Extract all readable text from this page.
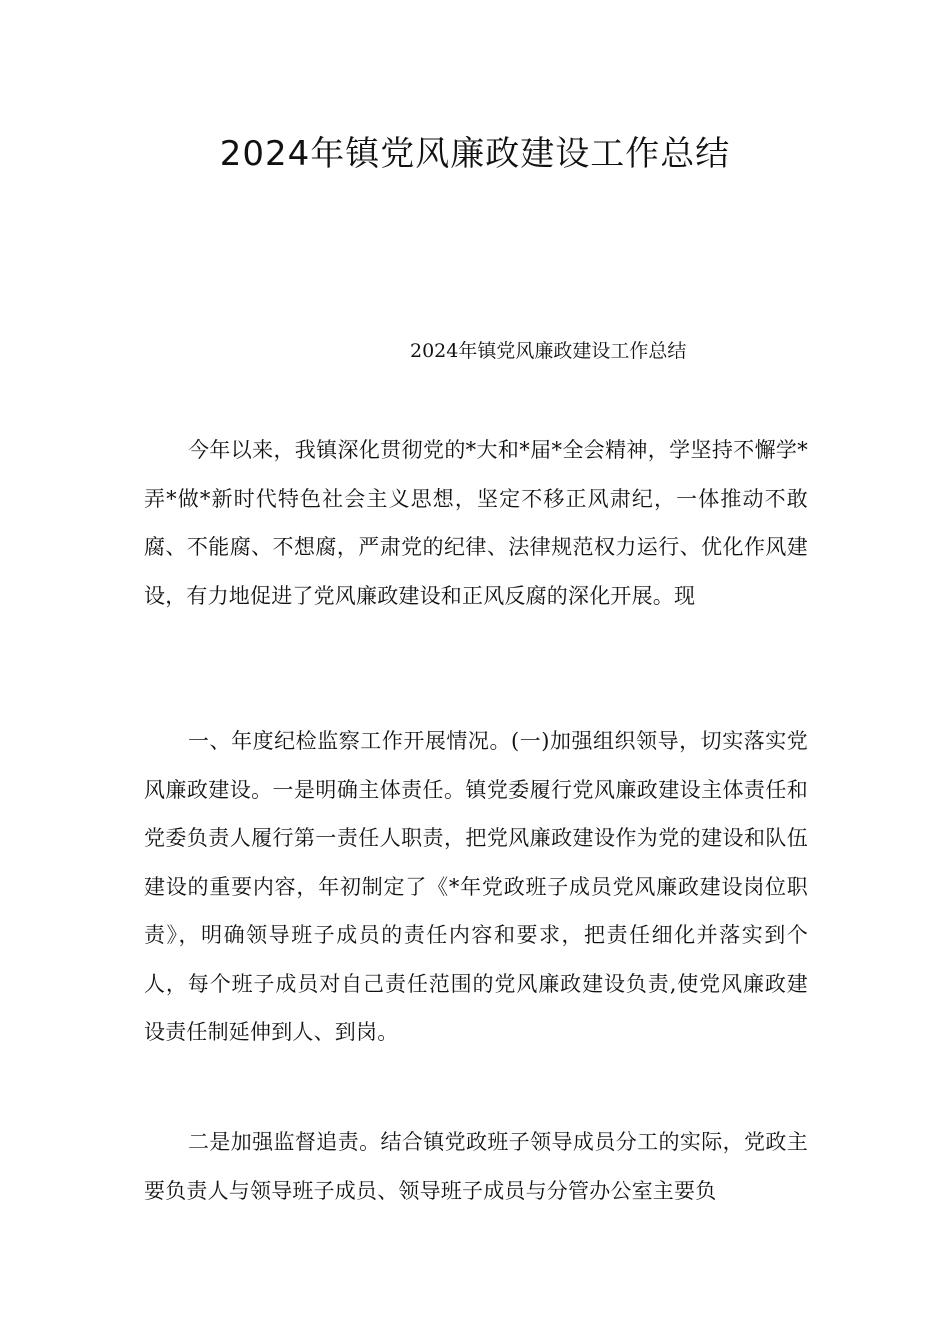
2024年镇党风廉政建设工作总结

2024年镇党风廉政建设工作总结

今年以来，我镇深化贯彻党的*大和*届*全会精神，学坚持不懈学*弄*做*新时代特色社会主义思想，坚定不移正风肃纪，一体推动不敢腐、不能腐、不想腐，严肃党的纪律、法律规范权力运行、优化作风建设，有力地促进了党风廉政建设和正风反腐的深化开展。现

一、年度纪检监察工作开展情况。(一)加强组织领导，切实落实党风廉政建设。一是明确主体责任。镇党委履行党风廉政建设主体责任和党委负责人履行第一责任人职责，把党风廉政建设作为党的建设和队伍建设的重要内容，年初制定了《*年党政班子成员党风廉政建设岗位职责》，明确领导班子成员的责任内容和要求，把责任细化并落实到个人，每个班子成员对自己责任范围的党风廉政建设负责,使党风廉政建设责任制延伸到人、到岗。

二是加强监督追责。结合镇党政班子领导成员分工的实际，党政主要负责人与领导班子成员、领导班子成员与分管办公室主要负
